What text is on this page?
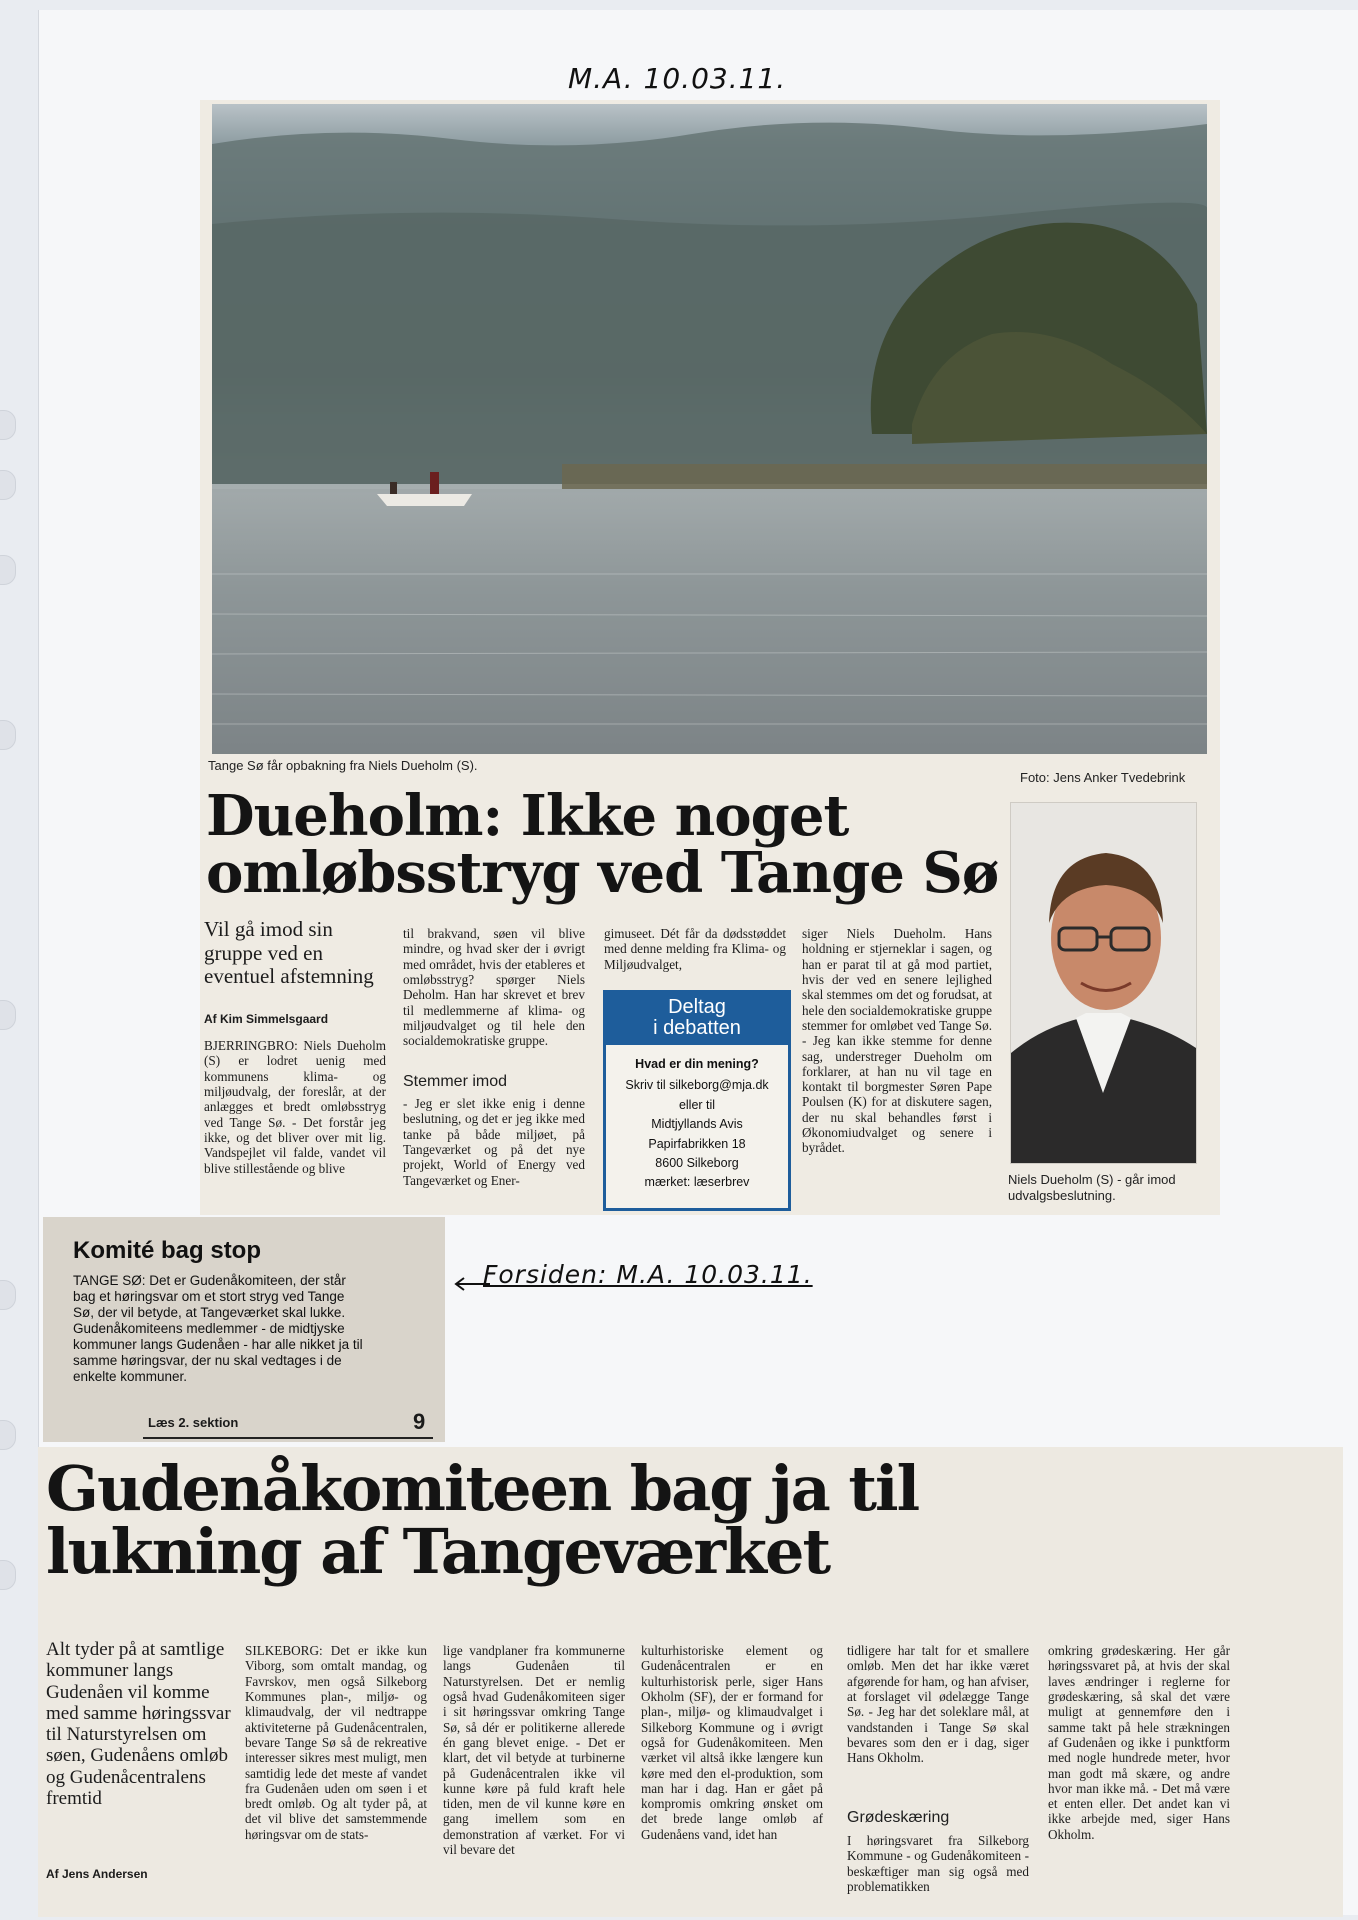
M.A. 10.03.11.
Tange Sø får opbakning fra Niels Dueholm (S).
Foto: Jens Anker Tvedebrink
Dueholm: Ikke noget
omløbsstryg ved Tange Sø
Vil gå imod sin gruppe ved en eventuel afstemning
Af Kim Simmelsgaard
BJERRINGBRO: Niels Dueholm (S) er lodret uenig med kommunens klima- og miljøudvalg, der foreslår, at der anlægges et bredt omløbsstryg ved Tange Sø. - Det forstår jeg ikke, og det bliver over mit lig. Vandspejlet vil falde, vandet vil blive stillestående og blive
til brakvand, søen vil blive mindre, og hvad sker der i øvrigt med området, hvis der etableres et omløbsstryg? spørger Niels Deholm. Han har skrevet et brev til medlemmerne af klima- og miljøudvalget og til hele den socialdemokratiske gruppe.
Stemmer imod
- Jeg er slet ikke enig i denne beslutning, og det er jeg ikke med tanke på både miljøet, på Tangeværket og på det nye projekt, World of Energy ved Tangeværket og Ener-
gimuseet. Dét får da dødsstøddet med denne melding fra Klima- og Miljøudvalget,
Deltag
i debatten
Hvad er din mening?
Skriv til silkeborg@mja.dk
eller til
Midtjyllands Avis
Papirfabrikken 18
8600 Silkeborg
mærket: læserbrev
siger Niels Dueholm. Hans holdning er stjerneklar i sagen, og han er parat til at gå mod partiet, hvis der ved en senere lejlighed skal stemmes om det og forudsat, at hele den socialdemokratiske gruppe stemmer for omløbet ved Tange Sø. - Jeg kan ikke stemme for denne sag, understreger Dueholm om forklarer, at han nu vil tage en kontakt til borgmester Søren Pape Poulsen (K) for at diskutere sagen, der nu skal behandles først i Økonomiudvalget og senere i byrådet.
Niels Dueholm (S) - går imod udvalgsbeslutning.
Forsiden: M.A. 10.03.11.
Komité bag stop
TANGE SØ: Det er Gudenåkomiteen, der står bag et høringsvar om et stort stryg ved Tange Sø, der vil betyde, at Tangeværket skal lukke. Gudenåkomiteens medlemmer - de midtjyske kommuner langs Gudenåen - har alle nikket ja til samme høringsvar, der nu skal vedtages i de enkelte kommuner.
Læs 2. sektion	9
Gudenåkomiteen bag ja til
lukning af Tangeværket
Alt tyder på at samtlige kommuner langs Gudenåen vil komme med samme høringssvar til Naturstyrelsen om søen, Gudenåens omløb og Gudenåcentralens fremtid
Af Jens Andersen
SILKEBORG: Det er ikke kun Viborg, som omtalt mandag, og Favrskov, men også Silkeborg Kommunes plan-, miljø- og klimaudvalg, der vil nedtrappe aktiviteterne på Gudenåcentralen, bevare Tange Sø så de rekreative interesser sikres mest muligt, men samtidig lede det meste af vandet fra Gudenåen uden om søen i et bredt omløb. Og alt tyder på, at det vil blive det samstemmende høringsvar om de stats-
lige vandplaner fra kommunerne langs Gudenåen til Naturstyrelsen. Det er nemlig også hvad Gudenåkomiteen siger i sit høringssvar omkring Tange Sø, så dér er politikerne allerede én gang blevet enige. - Det er klart, det vil betyde at turbinerne på Gudenåcentralen ikke vil kunne køre på fuld kraft hele tiden, men de vil kunne køre en gang imellem som en demonstration af værket. For vi vil bevare det
kulturhistoriske element og Gudenåcentralen er en kulturhistorisk perle, siger Hans Okholm (SF), der er formand for plan-, miljø- og klimaudvalget i Silkeborg Kommune og i øvrigt også for Gudenåkomiteen. Men værket vil altså ikke længere kun køre med den el-produktion, som man har i dag. Han er gået på kompromis omkring ønsket om det brede lange omløb af Gudenåens vand, idet han
tidligere har talt for et smallere omløb. Men det har ikke været afgørende for ham, og han afviser, at forslaget vil ødelægge Tange Sø. - Jeg har det soleklare mål, at vandstanden i Tange Sø skal bevares som den er i dag, siger Hans Okholm.
Grødeskæring
I høringsvaret fra Silkeborg Kommune - og Gudenåkomiteen - beskæftiger man sig også med problematikken
omkring grødeskæring. Her går høringssvaret på, at hvis der skal laves ændringer i reglerne for grødeskæring, så skal det være muligt at gennemføre den i samme takt på hele strækningen af Gudenåen og ikke i punktform med nogle hundrede meter, hvor man godt må skære, og andre hvor man ikke må. - Det må være et enten eller. Det andet kan vi ikke arbejde med, siger Hans Okholm.
